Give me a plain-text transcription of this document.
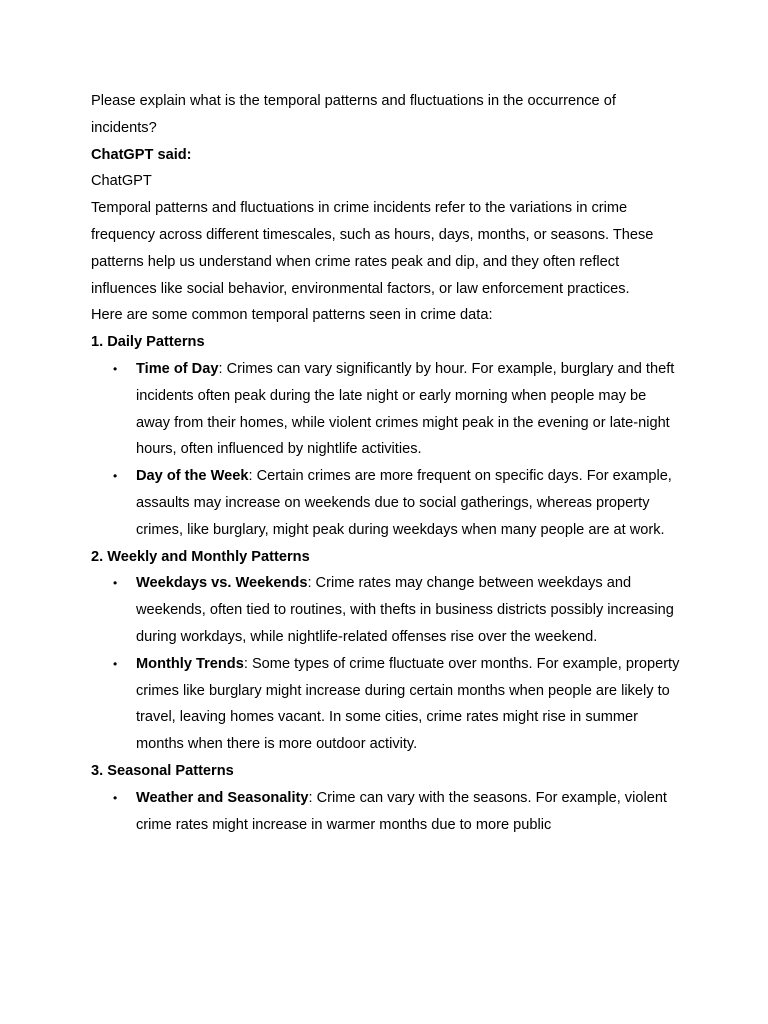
Please explain what is the temporal patterns and fluctuations in the occurrence of incidents?

ChatGPT said:

ChatGPT

Temporal patterns and fluctuations in crime incidents refer to the variations in crime frequency across different timescales, such as hours, days, months, or seasons. These patterns help us understand when crime rates peak and dip, and they often reflect influences like social behavior, environmental factors, or law enforcement practices.

Here are some common temporal patterns seen in crime data:

1. Daily Patterns

• Time of Day: Crimes can vary significantly by hour. For example, burglary and theft incidents often peak during the late night or early morning when people may be away from their homes, while violent crimes might peak in the evening or late-night hours, often influenced by nightlife activities.
• Day of the Week: Certain crimes are more frequent on specific days. For example, assaults may increase on weekends due to social gatherings, whereas property crimes, like burglary, might peak during weekdays when many people are at work.

2. Weekly and Monthly Patterns

• Weekdays vs. Weekends: Crime rates may change between weekdays and weekends, often tied to routines, with thefts in business districts possibly increasing during workdays, while nightlife-related offenses rise over the weekend.
• Monthly Trends: Some types of crime fluctuate over months. For example, property crimes like burglary might increase during certain months when people are likely to travel, leaving homes vacant. In some cities, crime rates might rise in summer months when there is more outdoor activity.

3. Seasonal Patterns

• Weather and Seasonality: Crime can vary with the seasons. For example, violent crime rates might increase in warmer months due to more public
